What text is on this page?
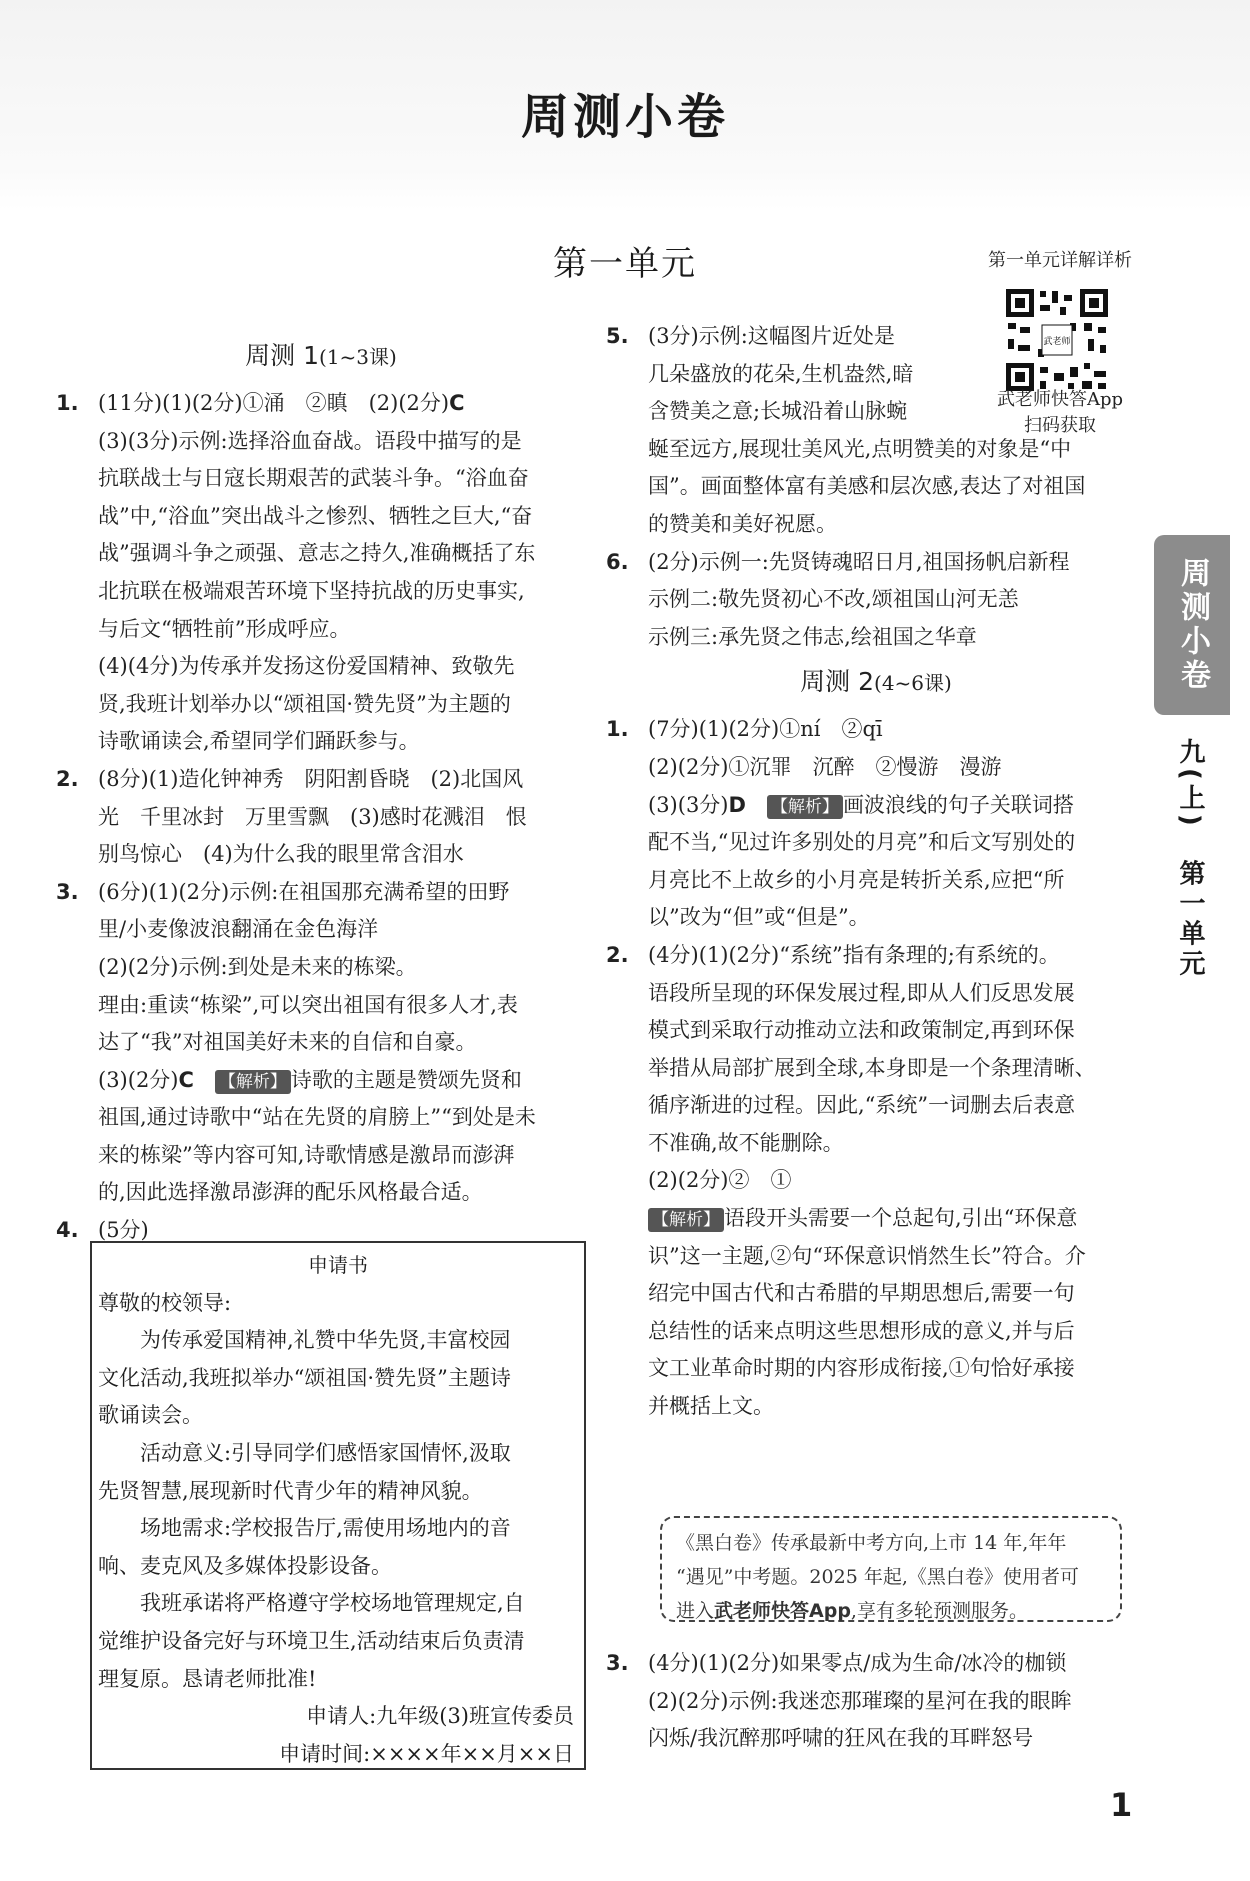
周测小卷
第一单元	第一单元详解详析
武老师
武老师快答App
扫码获取
周测 1(1~3课)

1. (11分)(1)(2分)①涌　②瞋　(2)(2分)C

(3)(3分)示例:选择浴血奋战。语段中描写的是

抗联战士与日寇长期艰苦的武装斗争。“浴血奋

战”中,“浴血”突出战斗之惨烈、牺牲之巨大,“奋

战”强调斗争之顽强、意志之持久,准确概括了东

北抗联在极端艰苦环境下坚持抗战的历史事实,

与后文“牺牲前”形成呼应。

(4)(4分)为传承并发扬这份爱国精神、致敬先

贤,我班计划举办以“颂祖国·赞先贤”为主题的

诗歌诵读会,希望同学们踊跃参与。

2. (8分)(1)造化钟神秀　阴阳割昏晓　(2)北国风

光　千里冰封　万里雪飘　(3)感时花溅泪　恨

别鸟惊心　(4)为什么我的眼里常含泪水

3. (6分)(1)(2分)示例:在祖国那充满希望的田野

里/小麦像波浪翻涌在金色海洋

(2)(2分)示例:到处是未来的栋梁。

理由:重读“栋梁”,可以突出祖国有很多人才,表

达了“我”对祖国美好未来的自信和自豪。

(3)(2分)C　 【解析】 诗歌的主题是赞颂先贤和

祖国,通过诗歌中“站在先贤的肩膀上”“到处是未

来的栋梁”等内容可知,诗歌情感是激昂而澎湃

的,因此选择激昂澎湃的配乐风格最合适。

4. (5分)

申请书
尊敬的校领导:
为传承爱国精神,礼赞中华先贤,丰富校园
文化活动,我班拟举办“颂祖国·赞先贤”主题诗
歌诵读会。
活动意义:引导同学们感悟家国情怀,汲取
先贤智慧,展现新时代青少年的精神风貌。
场地需求:学校报告厅,需使用场地内的音
响、麦克风及多媒体投影设备。
我班承诺将严格遵守学校场地管理规定,自
觉维护设备完好与环境卫生,活动结束后负责清
理复原。恳请老师批准!
申请人:九年级(3)班宣传委员
申请时间:××××年××月××日

5. (3分)示例:这幅图片近处是

几朵盛放的花朵,生机盎然,暗

含赞美之意;长城沿着山脉蜿

蜒至远方,展现壮美风光,点明赞美的对象是“中

国”。画面整体富有美感和层次感,表达了对祖国

的赞美和美好祝愿。

6. (2分)示例一:先贤铸魂昭日月,祖国扬帆启新程

示例二:敬先贤初心不改,颂祖国山河无恙

示例三:承先贤之伟志,绘祖国之华章

周测 2(4~6课)

1. (7分)(1)(2分)①ní　②qī

(2)(2分)①沉罪　沉醉　②慢游　漫游

(3)(3分)D　 【解析】 画波浪线的句子关联词搭

配不当,“见过许多别处的月亮”和后文写别处的

月亮比不上故乡的小月亮是转折关系,应把“所

以”改为“但”或“但是”。

2. (4分)(1)(2分)“系统”指有条理的;有系统的。

语段所呈现的环保发展过程,即从人们反思发展

模式到采取行动推动立法和政策制定,再到环保

举措从局部扩展到全球,本身即是一个条理清晰、

循序渐进的过程。因此,“系统”一词删去后表意

不准确,故不能删除。

(2)(2分)②　①

【解析】 语段开头需要一个总起句,引出“环保意

识”这一主题,②句“环保意识悄然生长”符合。介

绍完中国古代和古希腊的早期思想后,需要一句

总结性的话来点明这些思想形成的意义,并与后

文工业革命时期的内容形成衔接,①句恰好承接

并概括上文。

《黑白卷》传承最新中考方向,上市 14 年,年年
“遇见”中考题。2025 年起,《黑白卷》使用者可
进入武老师快答App,享有多轮预测服务。

3. (4分)(1)(2分)如果零点/成为生命/冰冷的枷锁

(2)(2分)示例:我迷恋那璀璨的星河在我的眼眸

闪烁/我沉醉那呼啸的狂风在我的耳畔怒号

周测小卷
九(上)　第一单元
1
